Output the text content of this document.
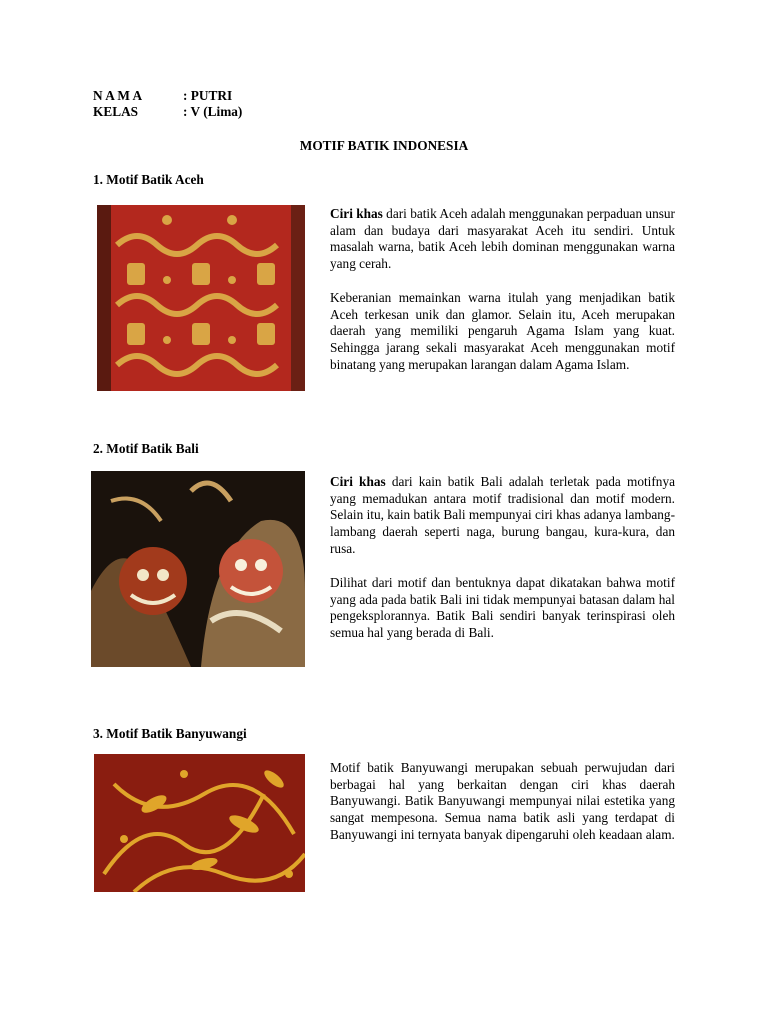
N A M A	: PUTRI
KELAS	: V (Lima)
MOTIF BATIK INDONESIA
1. Motif Batik Aceh
Ciri khas dari batik Aceh adalah menggunakan perpaduan unsur alam dan budaya dari masyarakat Aceh itu sendiri. Untuk masalah warna, batik Aceh lebih dominan menggunakan warna yang cerah.
Keberanian memainkan warna itulah yang menjadikan batik Aceh terkesan unik dan glamor. Selain itu, Aceh merupakan daerah yang memiliki pengaruh Agama Islam yang kuat. Sehingga jarang sekali masyarakat Aceh menggunakan motif binatang yang merupakan larangan dalam Agama Islam.
2. Motif Batik Bali
Ciri khas dari kain batik Bali adalah terletak pada motifnya yang memadukan antara motif tradisional dan motif modern. Selain itu, kain batik Bali mempunyai ciri khas adanya lambang-lambang daerah seperti naga, burung bangau, kura-kura, dan rusa.
Dilihat dari motif dan bentuknya dapat dikatakan bahwa motif yang ada pada batik Bali ini tidak mempunyai batasan dalam hal pengeksplorannya. Batik Bali sendiri banyak terinspirasi oleh semua hal yang berada di Bali.
3. Motif Batik Banyuwangi
Motif batik Banyuwangi merupakan sebuah perwujudan dari berbagai hal yang berkaitan dengan ciri khas daerah Banyuwangi. Batik Banyuwangi mempunyai nilai estetika yang sangat mempesona. Semua nama batik asli yang terdapat di Banyuwangi ini ternyata banyak dipengaruhi oleh keadaan alam.
